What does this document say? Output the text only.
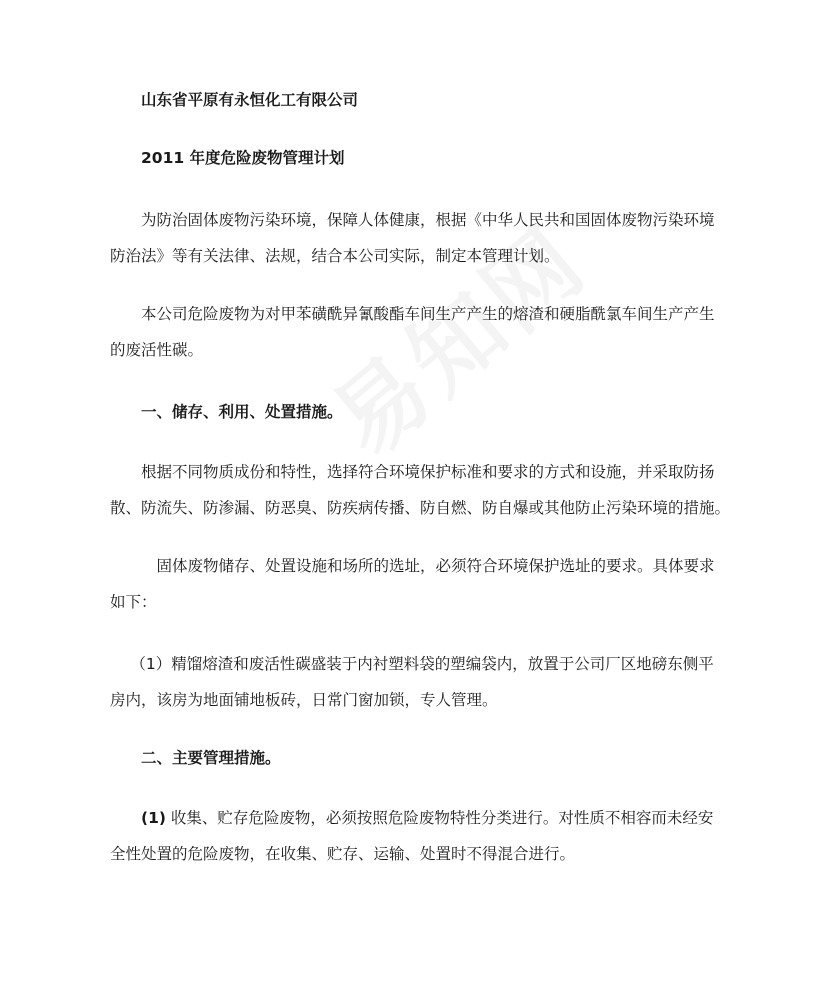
山东省平原有永恒化工有限公司

2011 年度危险废物管理计划

　　为防治固体废物污染环境，保障人体健康，根据《中华人民共和国固体废物污染环境
防治法》等有关法律、法规，结合本公司实际，制定本管理计划。

　　本公司危险废物为对甲苯磺酰异氰酸酯车间生产产生的熔渣和硬脂酰氯车间生产产生
的废活性碳。

　　一、储存、利用、处置措施。

　　根据不同物质成份和特性，选择符合环境保护标准和要求的方式和设施，并采取防扬
散、防流失、防渗漏、防恶臭、防疾病传播、防自燃、防自爆或其他防止污染环境的措施。

　　　固体废物储存、处置设施和场所的选址，必须符合环境保护选址的要求。具体要求
如下：

　 （1）精馏熔渣和废活性碳盛装于内衬塑料袋的塑编袋内，放置于公司厂区地磅东侧平
房内，该房为地面铺地板砖，日常门窗加锁，专人管理。

　　二、主要管理措施。

　　(1) 收集、贮存危险废物，必须按照危险废物特性分类进行。对性质不相容而未经安
全性处置的危险废物，在收集、贮存、运输、处置时不得混合进行。
